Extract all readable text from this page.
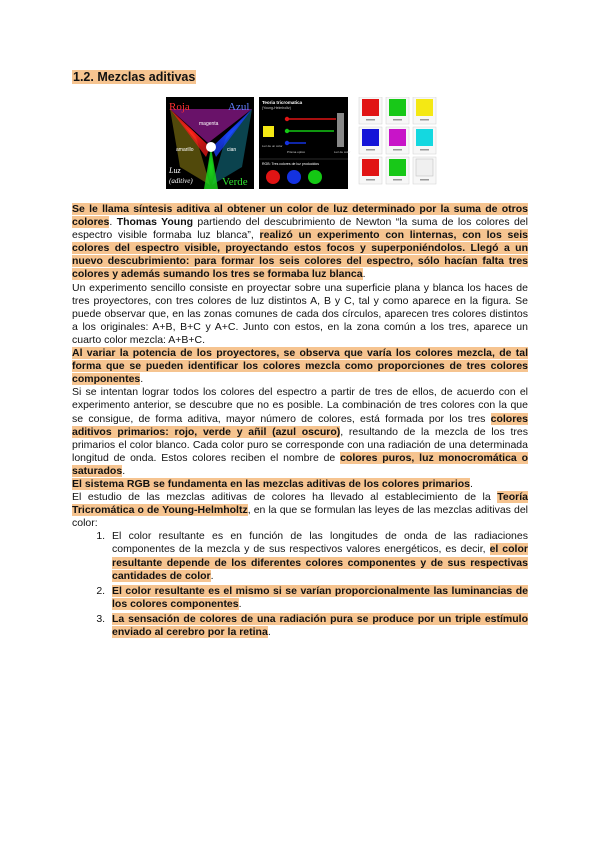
1.2. Mezclas aditivas
Roja	Azul
magenta
amarillo	cian
Luz
(aditive)	Verde
Teoria tricromatica
(Young-Helmholtz)
Luz de un color
Prisma optico	Luz de color
RGB: Tres colores de luz producidos

Se le llama síntesis aditiva al obtener un color de luz determinado por la suma de otros colores. Thomas Young partiendo del descubrimiento de Newton “la suma de los colores del espectro visible formaba luz blanca”, realizó un experimento con linternas, con los seis colores del espectro visible, proyectando estos focos y superponiéndolos. Llegó a un nuevo descubrimiento: para formar los seis colores del espectro, sólo hacían falta tres colores y además sumando los tres se formaba luz blanca.

Un experimento sencillo consiste en proyectar sobre una superficie plana y blanca los haces de tres proyectores, con tres colores de luz distintos A, B y C, tal y como aparece en la figura. Se puede observar que, en las zonas comunes de cada dos círculos, aparecen tres colores distintos a los originales: A+B, B+C y A+C. Junto con estos, en la zona común a los tres, aparece un cuarto color mezcla: A+B+C.

Al variar la potencia de los proyectores, se observa que varía los colores mezcla, de tal forma que se pueden identificar los colores mezcla como proporciones de tres colores componentes.

Si se intentan lograr todos los colores del espectro a partir de tres de ellos, de acuerdo con el experimento anterior, se descubre que no es posible. La combinación de tres colores con la que se consigue, de forma aditiva, mayor número de colores, está formada por los tres colores aditivos primarios: rojo, verde y añil (azul oscuro), resultando de la mezcla de los tres primarios el color blanco. Cada color puro se corresponde con una radiación de una determinada longitud de onda. Estos colores reciben el nombre de colores puros, luz monocromática o saturados.

El sistema RGB se fundamenta en las mezclas aditivas de los colores primarios.

El estudio de las mezclas aditivas de colores ha llevado al establecimiento de la Teoría Tricromática o de Young-Helmholtz, en la que se formulan las leyes de las mezclas aditivas del color:

1. El color resultante es en función de las longitudes de onda de las radiaciones componentes de la mezcla y de sus respectivos valores energéticos, es decir, el color resultante depende de los diferentes colores componentes y de sus respectivas cantidades de color.
2. El color resultante es el mismo si se varían proporcionalmente las luminancias de los colores componentes.
3. La sensación de colores de una radiación pura se produce por un triple estímulo enviado al cerebro por la retina.
